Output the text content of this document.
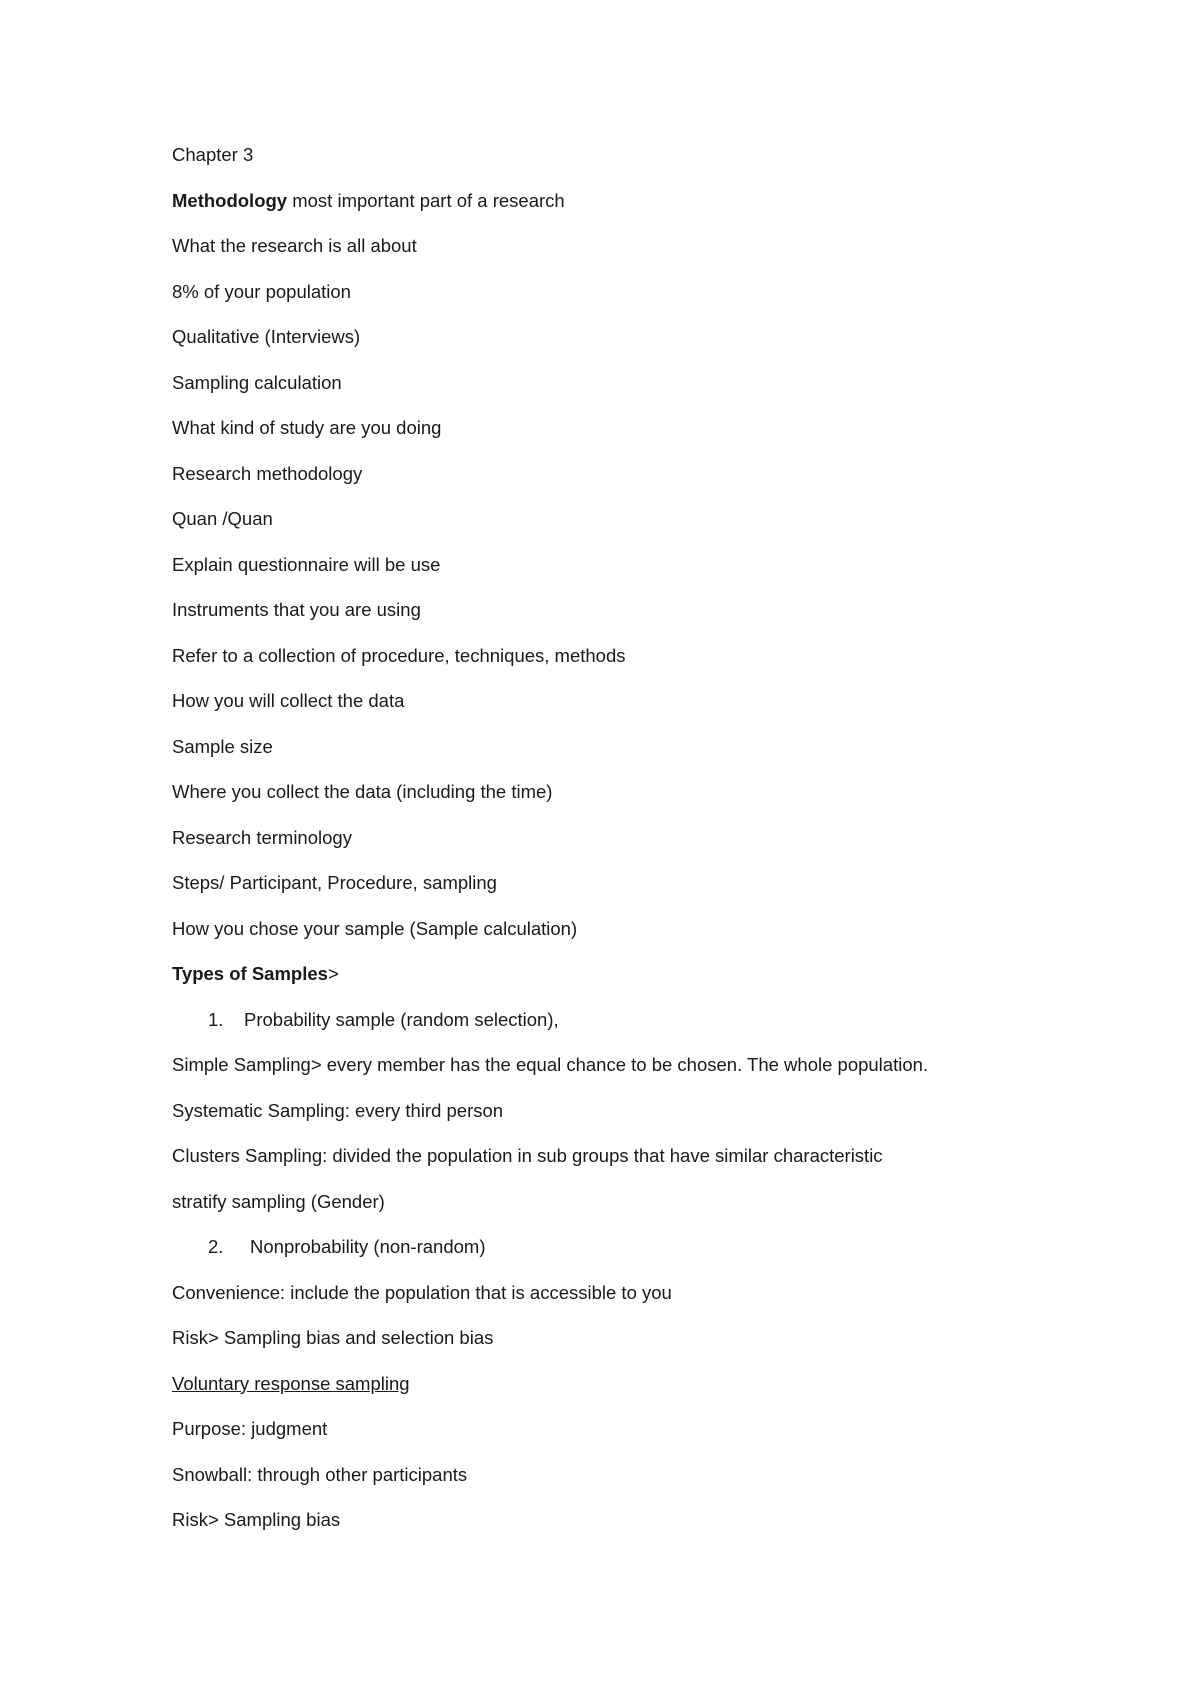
Chapter 3
Methodology most important part of a research
What the research is all about
8% of your population
Qualitative (Interviews)
Sampling calculation
What kind of study are you doing
Research methodology
Quan /Quan
Explain questionnaire will be use
Instruments that you are using
Refer to a collection of procedure, techniques, methods
How you will collect the data
Sample size
Where you collect the data (including the time)
Research terminology
Steps/ Participant, Procedure, sampling
How you chose your sample (Sample calculation)
Types of Samples>
1. Probability sample (random selection),
Simple Sampling> every member has the equal chance to be chosen. The whole population.
Systematic Sampling: every third person
Clusters Sampling: divided the population in sub groups that have similar characteristic
stratify sampling (Gender)
2. Nonprobability (non-random)
Convenience: include the population that is accessible to you
Risk> Sampling bias and selection bias
Voluntary response sampling
Purpose: judgment
Snowball: through other participants
Risk> Sampling bias
